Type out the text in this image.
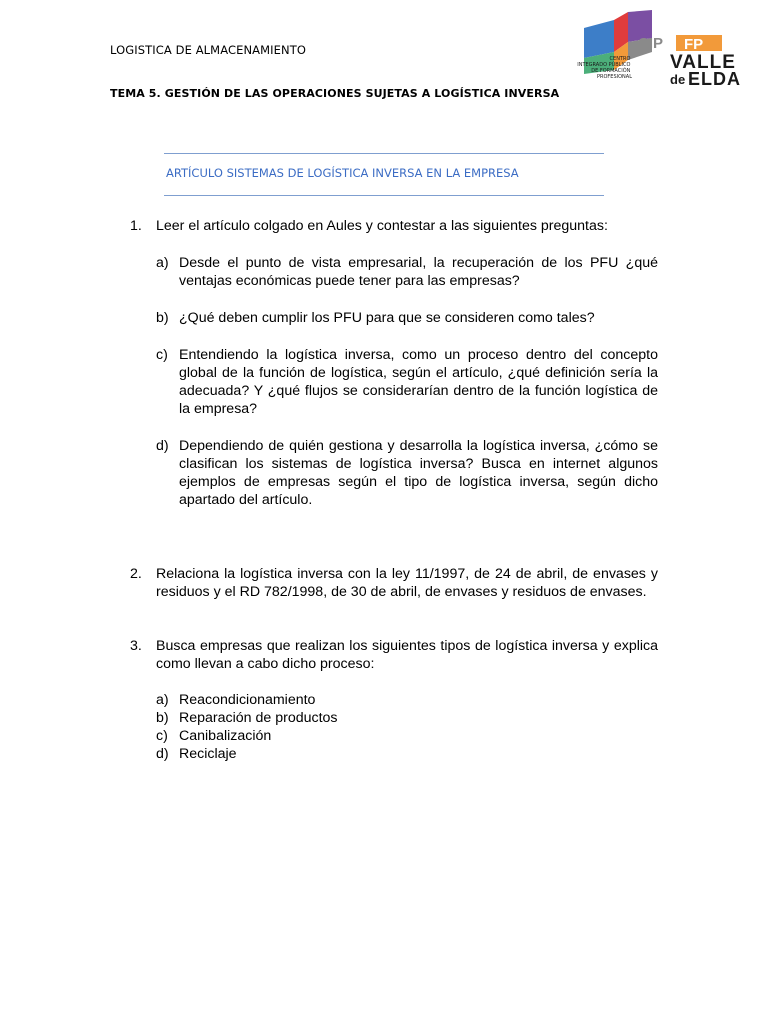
LOGISTICA DE ALMACENAMIENTO
TEMA 5. GESTIÓN DE LAS OPERACIONES SUJETAS A LOGÍSTICA INVERSA
CIP FP
VALLE
de ELDA
CENTRO INTEGRADO PÚBLICO DE FORMACIÓN PROFESIONAL
ARTÍCULO SISTEMAS DE LOGÍSTICA INVERSA EN LA EMPRESA
1. Leer el artículo colgado en Aules y contestar a las siguientes preguntas:
a) Desde el punto de vista empresarial, la recuperación de los PFU ¿qué ventajas económicas puede tener para las empresas?
b) ¿Qué deben cumplir los PFU para que se consideren como tales?
c) Entendiendo la logística inversa, como un proceso dentro del concepto global de la función de logística, según el artículo, ¿qué definición sería la adecuada? Y ¿qué flujos se considerarían dentro de la función logística de la empresa?
d) Dependiendo de quién gestiona y desarrolla la logística inversa, ¿cómo se clasifican los sistemas de logística inversa? Busca en internet algunos ejemplos de empresas según el tipo de logística inversa, según dicho apartado del artículo.
2. Relaciona la logística inversa con la ley 11/1997, de 24 de abril, de envases y residuos y el RD 782/1998, de 30 de abril, de envases y residuos de envases.
3. Busca empresas que realizan los siguientes tipos de logística inversa y explica como llevan a cabo dicho proceso:
a) Reacondicionamiento
b) Reparación de productos
c) Canibalización
d) Reciclaje
